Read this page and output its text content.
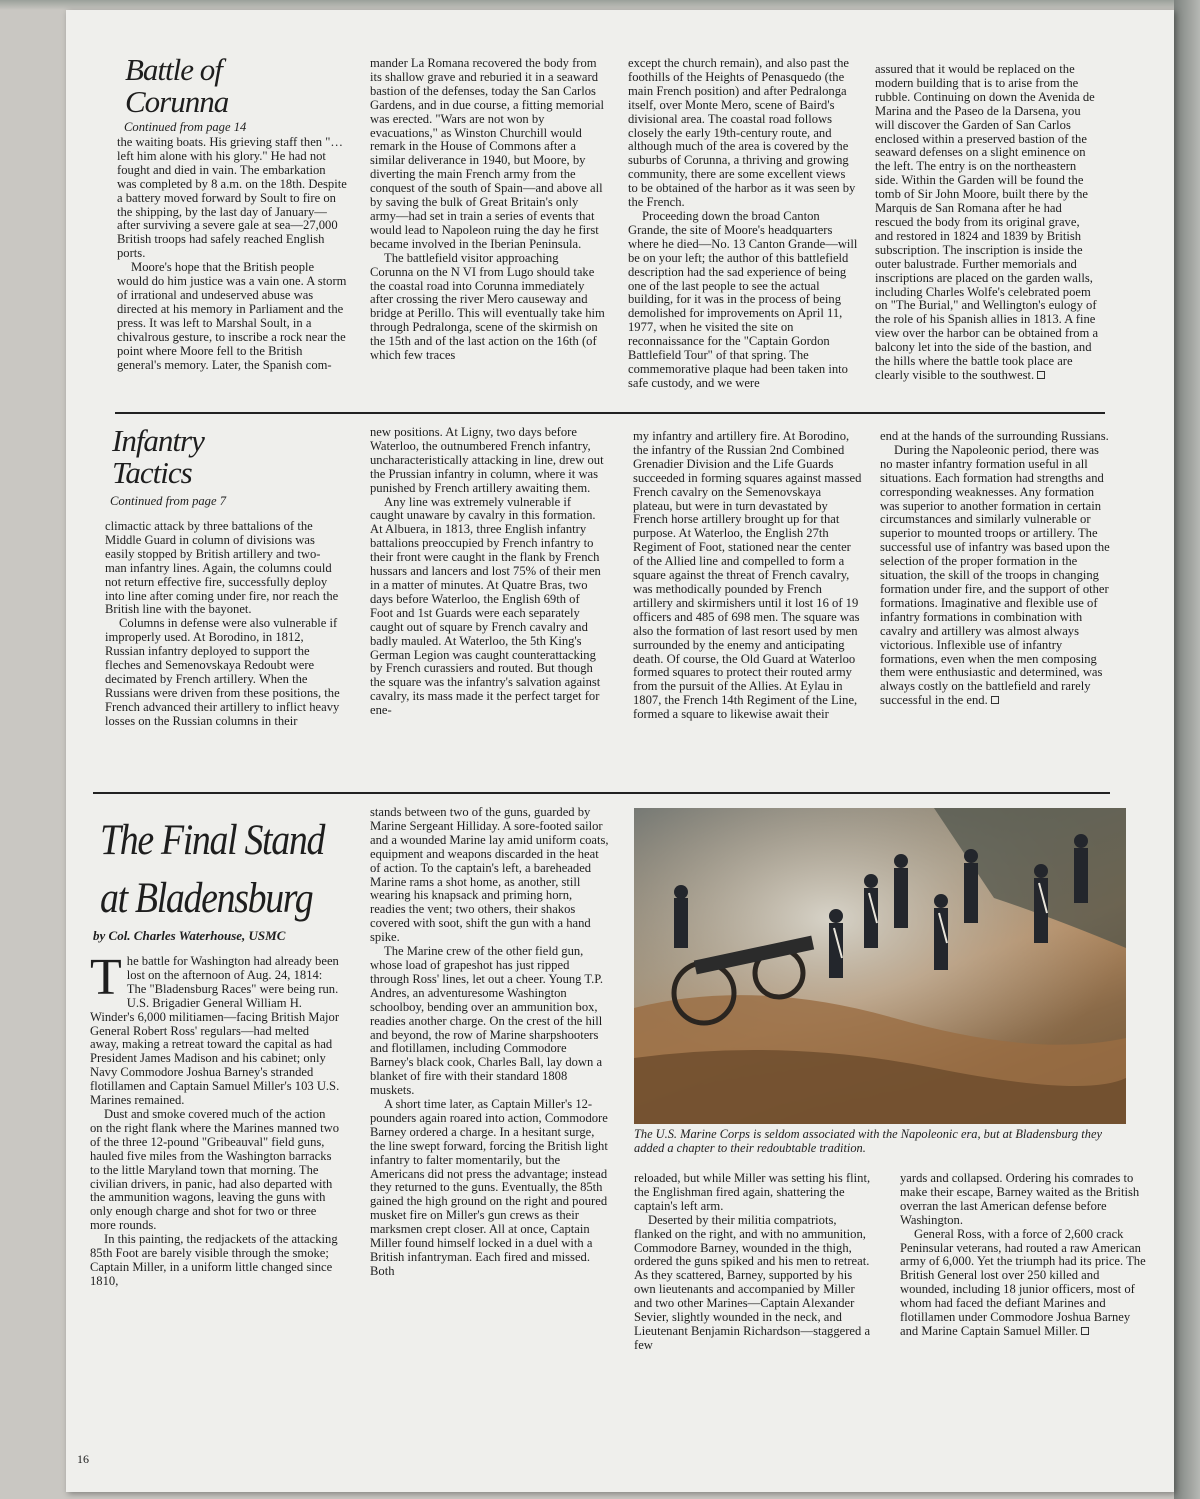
Battle of
Corunna
Continued from page 14

the waiting boats. His grieving staff then "…left him alone with his glory." He had not fought and died in vain. The embarkation was completed by 8 a.m. on the 18th. Despite a battery moved forward by Soult to fire on the shipping, by the last day of January—after surviving a severe gale at sea—27,000 British troops had safely reached English ports.

Moore's hope that the British people would do him justice was a vain one. A storm of irrational and undeserved abuse was directed at his memory in Parliament and the press. It was left to Marshal Soult, in a chivalrous gesture, to inscribe a rock near the point where Moore fell to the British general's memory. Later, the Spanish com-

mander La Romana recovered the body from its shallow grave and reburied it in a seaward bastion of the defenses, today the San Carlos Gardens, and in due course, a fitting memorial was erected. "Wars are not won by evacuations," as Winston Churchill would remark in the House of Commons after a similar deliverance in 1940, but Moore, by diverting the main French army from the conquest of the south of Spain—and above all by saving the bulk of Great Britain's only army—had set in train a series of events that would lead to Napoleon ruing the day he first became involved in the Iberian Peninsula.

The battlefield visitor approaching Corunna on the N VI from Lugo should take the coastal road into Corunna immediately after crossing the river Mero causeway and bridge at Perillo. This will eventually take him through Pedralonga, scene of the skirmish on the 15th and of the last action on the 16th (of which few traces

except the church remain), and also past the foothills of the Heights of Penasquedo (the main French position) and after Pedralonga itself, over Monte Mero, scene of Baird's divisional area. The coastal road follows closely the early 19th-century route, and although much of the area is covered by the suburbs of Corunna, a thriving and growing community, there are some excellent views to be obtained of the harbor as it was seen by the French.

Proceeding down the broad Canton Grande, the site of Moore's headquarters where he died—No. 13 Canton Grande—will be on your left; the author of this battlefield description had the sad experience of being one of the last people to see the actual building, for it was in the process of being demolished for improvements on April 11, 1977, when he visited the site on reconnaissance for the "Captain Gordon Battlefield Tour" of that spring. The commemorative plaque had been taken into safe custody, and we were

assured that it would be replaced on the modern building that is to arise from the rubble. Continuing on down the Avenida de Marina and the Paseo de la Darsena, you will discover the Garden of San Carlos enclosed within a preserved bastion of the seaward defenses on a slight eminence on the left. The entry is on the northeastern side. Within the Garden will be found the tomb of Sir John Moore, built there by the Marquis de San Romana after he had rescued the body from its original grave, and restored in 1824 and 1839 by British subscription. The inscription is inside the outer balustrade. Further memorials and inscriptions are placed on the garden walls, including Charles Wolfe's celebrated poem on "The Burial," and Wellington's eulogy of the role of his Spanish allies in 1813. A fine view over the harbor can be obtained from a balcony let into the side of the bastion, and the hills where the battle took place are clearly visible to the southwest.

Infantry
Tactics
Continued from page 7

climactic attack by three battalions of the Middle Guard in column of divisions was easily stopped by British artillery and two-man infantry lines. Again, the columns could not return effective fire, successfully deploy into line after coming under fire, nor reach the British line with the bayonet.

Columns in defense were also vulnerable if improperly used. At Borodino, in 1812, Russian infantry deployed to support the fleches and Semenovskaya Redoubt were decimated by French artillery. When the Russians were driven from these positions, the French advanced their artillery to inflict heavy losses on the Russian columns in their

new positions. At Ligny, two days before Waterloo, the outnumbered French infantry, uncharacteristically attacking in line, drew out the Prussian infantry in column, where it was punished by French artillery awaiting them.

Any line was extremely vulnerable if caught unaware by cavalry in this formation. At Albuera, in 1813, three English infantry battalions preoccupied by French infantry to their front were caught in the flank by French hussars and lancers and lost 75% of their men in a matter of minutes. At Quatre Bras, two days before Waterloo, the English 69th of Foot and 1st Guards were each separately caught out of square by French cavalry and badly mauled. At Waterloo, the 5th King's German Legion was caught counterattacking by French curassiers and routed. But though the square was the infantry's salvation against cavalry, its mass made it the perfect target for ene-

my infantry and artillery fire. At Borodino, the infantry of the Russian 2nd Combined Grenadier Division and the Life Guards succeeded in forming squares against massed French cavalry on the Semenovskaya plateau, but were in turn devastated by French horse artillery brought up for that purpose. At Waterloo, the English 27th Regiment of Foot, stationed near the center of the Allied line and compelled to form a square against the threat of French cavalry, was methodically pounded by French artillery and skirmishers until it lost 16 of 19 officers and 485 of 698 men. The square was also the formation of last resort used by men surrounded by the enemy and anticipating death. Of course, the Old Guard at Waterloo formed squares to protect their routed army from the pursuit of the Allies. At Eylau in 1807, the French 14th Regiment of the Line, formed a square to likewise await their

end at the hands of the surrounding Russians.

During the Napoleonic period, there was no master infantry formation useful in all situations. Each formation had strengths and corresponding weaknesses. Any formation was superior to another formation in certain circumstances and similarly vulnerable or superior to mounted troops or artillery. The successful use of infantry was based upon the selection of the proper formation in the situation, the skill of the troops in changing formation under fire, and the support of other formations. Imaginative and flexible use of infantry formations in combination with cavalry and artillery was almost always victorious. Inflexible use of infantry formations, even when the men composing them were enthusiastic and determined, was always costly on the battlefield and rarely successful in the end.

The Final Stand
at Bladensburg
by Col. Charles Waterhouse, USMC

The battle for Washington had already been lost on the afternoon of Aug. 24, 1814: The "Bladensburg Races" were being run. U.S. Brigadier General William H. Winder's 6,000 militiamen—facing British Major General Robert Ross' regulars—had melted away, making a retreat toward the capital as had President James Madison and his cabinet; only Navy Commodore Joshua Barney's stranded flotillamen and Captain Samuel Miller's 103 U.S. Marines remained.

Dust and smoke covered much of the action on the right flank where the Marines manned two of the three 12-pound "Gribeauval" field guns, hauled five miles from the Washington barracks to the little Maryland town that morning. The civilian drivers, in panic, had also departed with the ammunition wagons, leaving the guns with only enough charge and shot for two or three more rounds.

In this painting, the redjackets of the attacking 85th Foot are barely visible through the smoke; Captain Miller, in a uniform little changed since 1810,

stands between two of the guns, guarded by Marine Sergeant Hilliday. A sore-footed sailor and a wounded Marine lay amid uniform coats, equipment and weapons discarded in the heat of action. To the captain's left, a bareheaded Marine rams a shot home, as another, still wearing his knapsack and priming horn, readies the vent; two others, their shakos covered with soot, shift the gun with a hand spike.

The Marine crew of the other field gun, whose load of grapeshot has just ripped through Ross' lines, let out a cheer. Young T.P. Andres, an adventuresome Washington schoolboy, bending over an ammunition box, readies another charge. On the crest of the hill and beyond, the row of Marine sharpshooters and flotillamen, including Commodore Barney's black cook, Charles Ball, lay down a blanket of fire with their standard 1808 muskets.

A short time later, as Captain Miller's 12-pounders again roared into action, Commodore Barney ordered a charge. In a hesitant surge, the line swept forward, forcing the British light infantry to falter momentarily, but the Americans did not press the advantage; instead they returned to the guns. Eventually, the 85th gained the high ground on the right and poured musket fire on Miller's gun crews as their marksmen crept closer. All at once, Captain Miller found himself locked in a duel with a British infantryman. Each fired and missed. Both

The U.S. Marine Corps is seldom associated with the Napoleonic era, but at Bladensburg they added a chapter to their redoubtable tradition.

reloaded, but while Miller was setting his flint, the Englishman fired again, shattering the captain's left arm.

Deserted by their militia compatriots, flanked on the right, and with no ammunition, Commodore Barney, wounded in the thigh, ordered the guns spiked and his men to retreat. As they scattered, Barney, supported by his own lieutenants and accompanied by Miller and two other Marines—Captain Alexander Sevier, slightly wounded in the neck, and Lieutenant Benjamin Richardson—staggered a few

yards and collapsed. Ordering his comrades to make their escape, Barney waited as the British overran the last American defense before Washington.

General Ross, with a force of 2,600 crack Peninsular veterans, had routed a raw American army of 6,000. Yet the triumph had its price. The British General lost over 250 killed and wounded, including 18 junior officers, most of whom had faced the defiant Marines and flotillamen under Commodore Joshua Barney and Marine Captain Samuel Miller.

16
